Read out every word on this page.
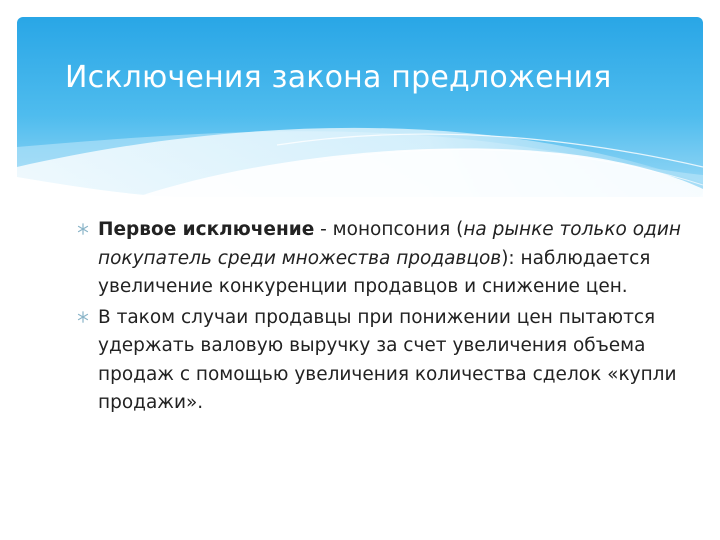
Исключения закона предложения
Первое исключение - монопсония (на рынке только один покупатель среди множества продавцов): наблюдается увеличение конкуренции продавцов и снижение цен.
В таком случаи продавцы при понижении цен пытаются удержать валовую выручку за счет увеличения объема продаж с помощью увеличения количества сделок «купли продажи».
